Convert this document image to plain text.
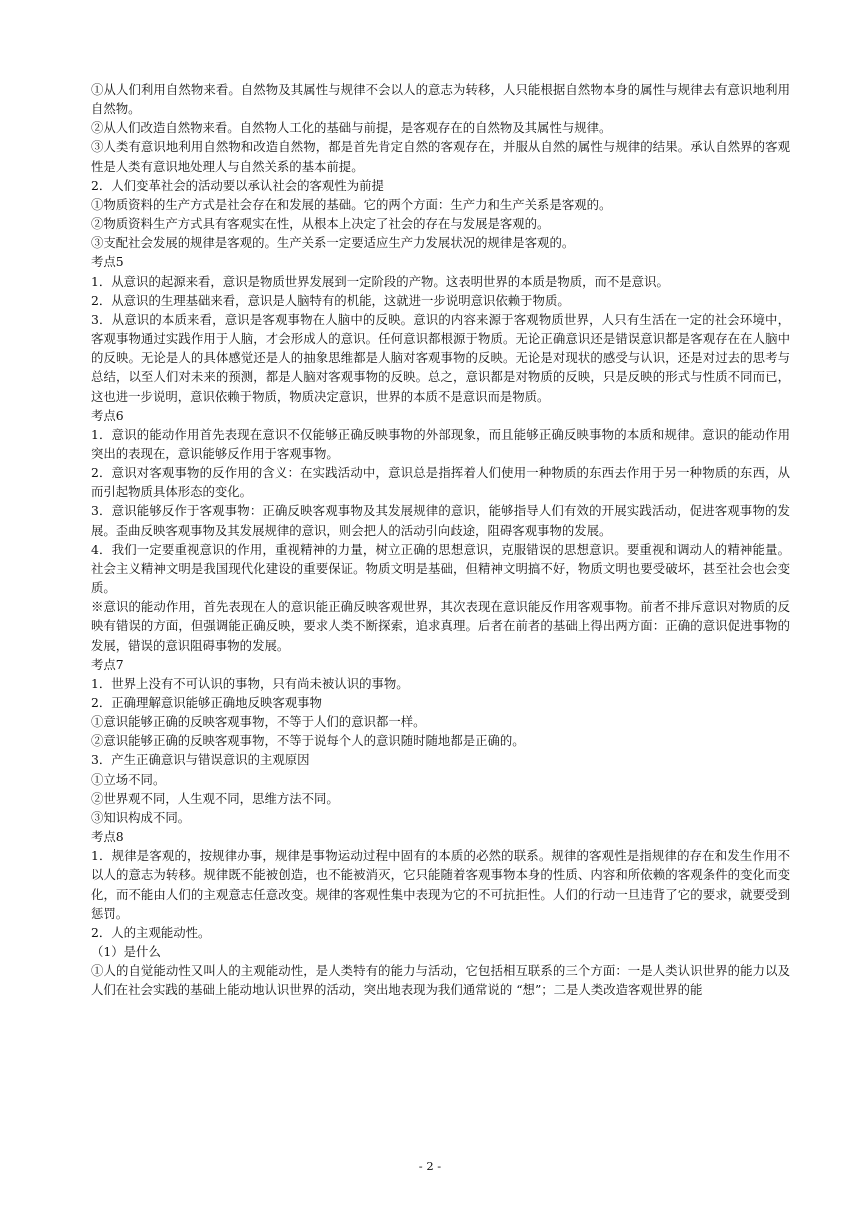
①从人们利用自然物来看。自然物及其属性与规律不会以人的意志为转移，人只能根据自然物本身的属性与规律去有意识地利用自然物。

②从人们改造自然物来看。自然物人工化的基础与前提，是客观存在的自然物及其属性与规律。

③人类有意识地利用自然物和改造自然物，都是首先肯定自然的客观存在，并服从自然的属性与规律的结果。承认自然界的客观性是人类有意识地处理人与自然关系的基本前提。

2．人们变革社会的活动要以承认社会的客观性为前提

①物质资料的生产方式是社会存在和发展的基础。它的两个方面：生产力和生产关系是客观的。

②物质资料生产方式具有客观实在性，从根本上决定了社会的存在与发展是客观的。

③支配社会发展的规律是客观的。生产关系一定要适应生产力发展状况的规律是客观的。

考点5

1．从意识的起源来看，意识是物质世界发展到一定阶段的产物。这表明世界的本质是物质，而不是意识。

2．从意识的生理基础来看，意识是人脑特有的机能，这就进一步说明意识依赖于物质。

3．从意识的本质来看，意识是客观事物在人脑中的反映。意识的内容来源于客观物质世界，人只有生活在一定的社会环境中，客观事物通过实践作用于人脑，才会形成人的意识。任何意识都根源于物质。无论正确意识还是错误意识都是客观存在在人脑中的反映。无论是人的具体感觉还是人的抽象思维都是人脑对客观事物的反映。无论是对现状的感受与认识，还是对过去的思考与总结，以至人们对未来的预测，都是人脑对客观事物的反映。总之，意识都是对物质的反映，只是反映的形式与性质不同而已，这也进一步说明，意识依赖于物质，物质决定意识，世界的本质不是意识而是物质。

考点6

1．意识的能动作用首先表现在意识不仅能够正确反映事物的外部现象，而且能够正确反映事物的本质和规律。意识的能动作用突出的表现在，意识能够反作用于客观事物。

2．意识对客观事物的反作用的含义：在实践活动中，意识总是指挥着人们使用一种物质的东西去作用于另一种物质的东西，从而引起物质具体形态的变化。

3．意识能够反作于客观事物：正确反映客观事物及其发展规律的意识，能够指导人们有效的开展实践活动，促进客观事物的发展。歪曲反映客观事物及其发展规律的意识，则会把人的活动引向歧途，阻碍客观事物的发展。

4．我们一定要重视意识的作用，重视精神的力量，树立正确的思想意识，克服错误的思想意识。要重视和调动人的精神能量。社会主义精神文明是我国现代化建设的重要保证。物质文明是基础，但精神文明搞不好，物质文明也要受破坏，甚至社会也会变质。

※意识的能动作用，首先表现在人的意识能正确反映客观世界，其次表现在意识能反作用客观事物。前者不排斥意识对物质的反映有错误的方面，但强调能正确反映，要求人类不断探索，追求真理。后者在前者的基础上得出两方面：正确的意识促进事物的发展，错误的意识阻碍事物的发展。

考点7

1．世界上没有不可认识的事物，只有尚未被认识的事物。

2．正确理解意识能够正确地反映客观事物

①意识能够正确的反映客观事物，不等于人们的意识都一样。

②意识能够正确的反映客观事物，不等于说每个人的意识随时随地都是正确的。

3．产生正确意识与错误意识的主观原因

①立场不同。

②世界观不同，人生观不同，思维方法不同。

③知识构成不同。

考点8

1．规律是客观的，按规律办事，规律是事物运动过程中固有的本质的必然的联系。规律的客观性是指规律的存在和发生作用不以人的意志为转移。规律既不能被创造，也不能被消灭，它只能随着客观事物本身的性质、内容和所依赖的客观条件的变化而变化，而不能由人们的主观意志任意改变。规律的客观性集中表现为它的不可抗拒性。人们的行动一旦违背了它的要求，就要受到惩罚。

2．人的主观能动性。

（1）是什么

①人的自觉能动性又叫人的主观能动性，是人类特有的能力与活动，它包括相互联系的三个方面：一是人类认识世界的能力以及人们在社会实践的基础上能动地认识世界的活动，突出地表现为我们通常说的 “想”；二是人类改造客观世界的能

- 2 -
